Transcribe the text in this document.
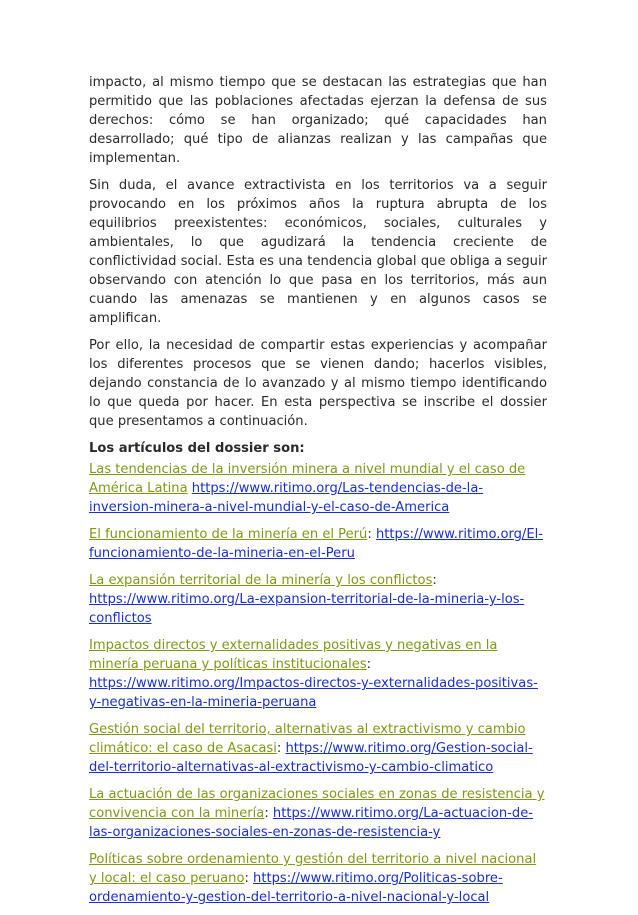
impacto, al mismo tiempo que se destacan las estrategias que han permitido que las poblaciones afectadas ejerzan la defensa de sus derechos: cómo se han organizado; qué capacidades han desarrollado; qué tipo de alianzas realizan y las campañas que implementan.

Sin duda, el avance extractivista en los territorios va a seguir provocando en los próximos años la ruptura abrupta de los equilibrios preexistentes: económicos, sociales, culturales y ambientales, lo que agudizará la tendencia creciente de conflictividad social. Esta es una tendencia global que obliga a seguir observando con atención lo que pasa en los territorios, más aun cuando las amenazas se mantienen y en algunos casos se amplifican.

Por ello, la necesidad de compartir estas experiencias y acompañar los diferentes procesos que se vienen dando; hacerlos visibles, dejando constancia de lo avanzado y al mismo tiempo identificando lo que queda por hacer. En esta perspectiva se inscribe el dossier que presentamos a continuación.

Los artículos del dossier son:

Las tendencias de la inversión minera a nivel mundial y el caso de América Latina https://www.ritimo.org/Las-tendencias-de-la-inversion-minera-a-nivel-mundial-y-el-caso-de-America
El funcionamiento de la minería en el Perú: https://www.ritimo.org/El-funcionamiento-de-la-mineria-en-el-Peru
La expansión territorial de la minería y los conflictos: https://www.ritimo.org/La-expansion-territorial-de-la-mineria-y-los-conflictos
Impactos directos y externalidades positivas y negativas en la minería peruana y políticas institucionales: https://www.ritimo.org/Impactos-directos-y-externalidades-positivas-y-negativas-en-la-mineria-peruana
Gestión social del territorio, alternativas al extractivismo y cambio climático: el caso de Asacasi: https://www.ritimo.org/Gestion-social-del-territorio-alternativas-al-extractivismo-y-cambio-climatico
La actuación de las organizaciones sociales en zonas de resistencia y convivencia con la minería: https://www.ritimo.org/La-actuacion-de-las-organizaciones-sociales-en-zonas-de-resistencia-y
Políticas sobre ordenamiento y gestión del territorio a nivel nacional y local: el caso peruano: https://www.ritimo.org/Politicas-sobre-ordenamiento-y-gestion-del-territorio-a-nivel-nacional-y-local
